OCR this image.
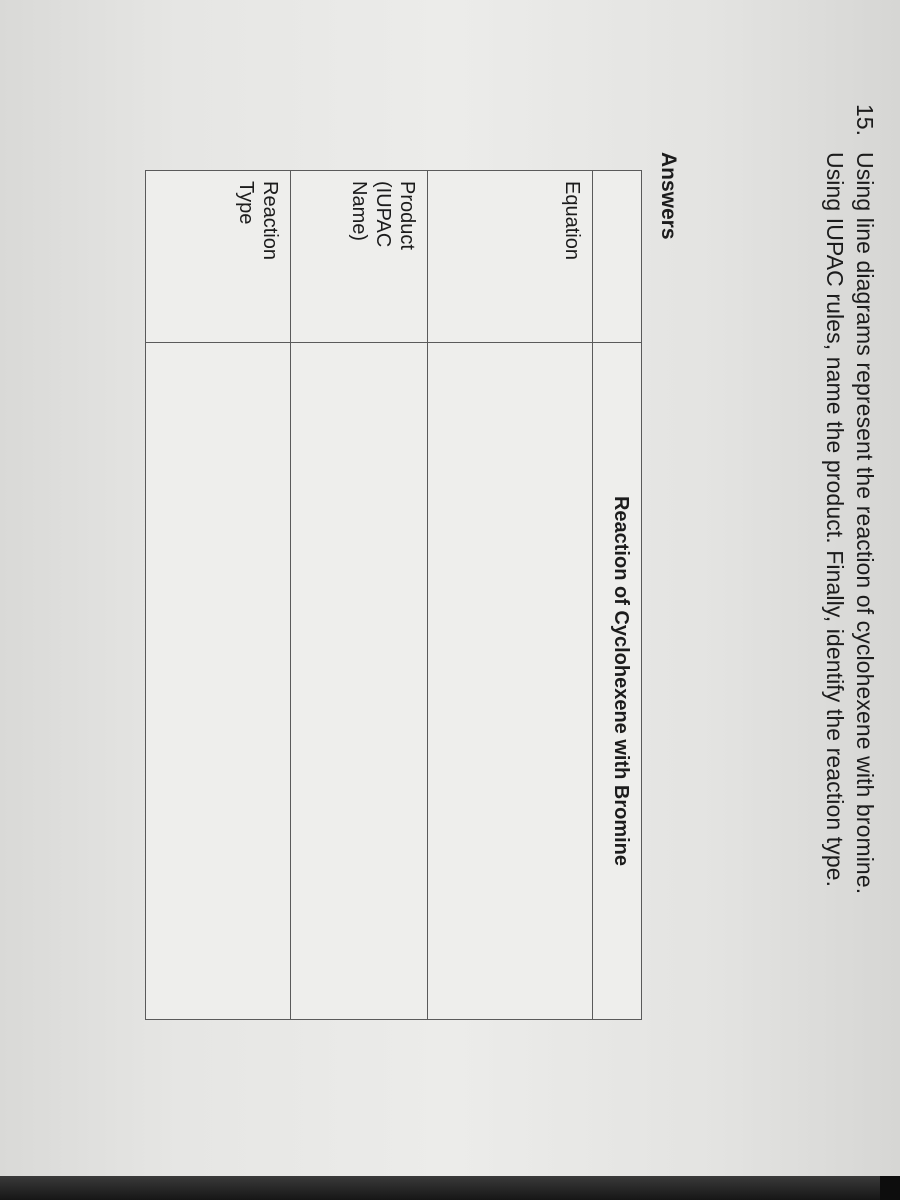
15.
Using line diagrams represent the reaction of cyclohexene with bromine.
Using IUPAC rules, name the product. Finally, identify the reaction type.
Answers
	Reaction of Cyclohexene with Bromine
Equation	

Product (IUPAC Name)	

Reaction Type	
